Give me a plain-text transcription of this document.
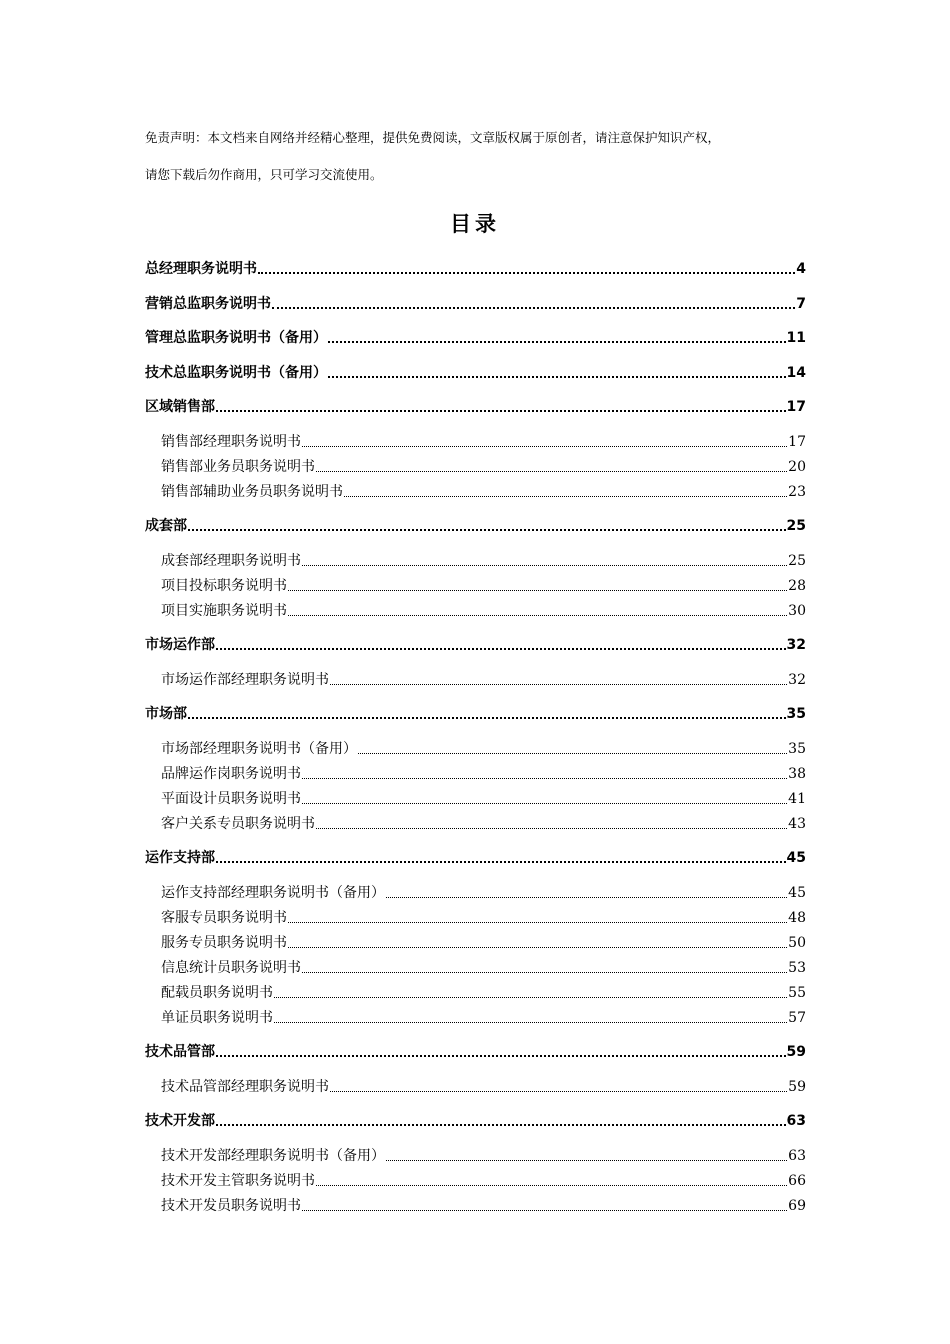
免责声明：本文档来自网络并经精心整理，提供免费阅读，文章版权属于原创者，请注意保护知识产权，
请您下载后勿作商用，只可学习交流使用。
目录
总经理职务说明书	4
营销总监职务说明书	7
管理总监职务说明书（备用）	11
技术总监职务说明书（备用）	14
区域销售部	17
销售部经理职务说明书	17
销售部业务员职务说明书	20
销售部辅助业务员职务说明书	23
成套部	25
成套部经理职务说明书	25
项目投标职务说明书	28
项目实施职务说明书	30
市场运作部	32
市场运作部经理职务说明书	32
市场部	35
市场部经理职务说明书（备用）	35
品牌运作岗职务说明书	38
平面设计员职务说明书	41
客户关系专员职务说明书	43
运作支持部	45
运作支持部经理职务说明书（备用）	45
客服专员职务说明书	48
服务专员职务说明书	50
信息统计员职务说明书	53
配载员职务说明书	55
单证员职务说明书	57
技术品管部	59
技术品管部经理职务说明书	59
技术开发部	63
技术开发部经理职务说明书（备用）	63
技术开发主管职务说明书	66
技术开发员职务说明书	69
